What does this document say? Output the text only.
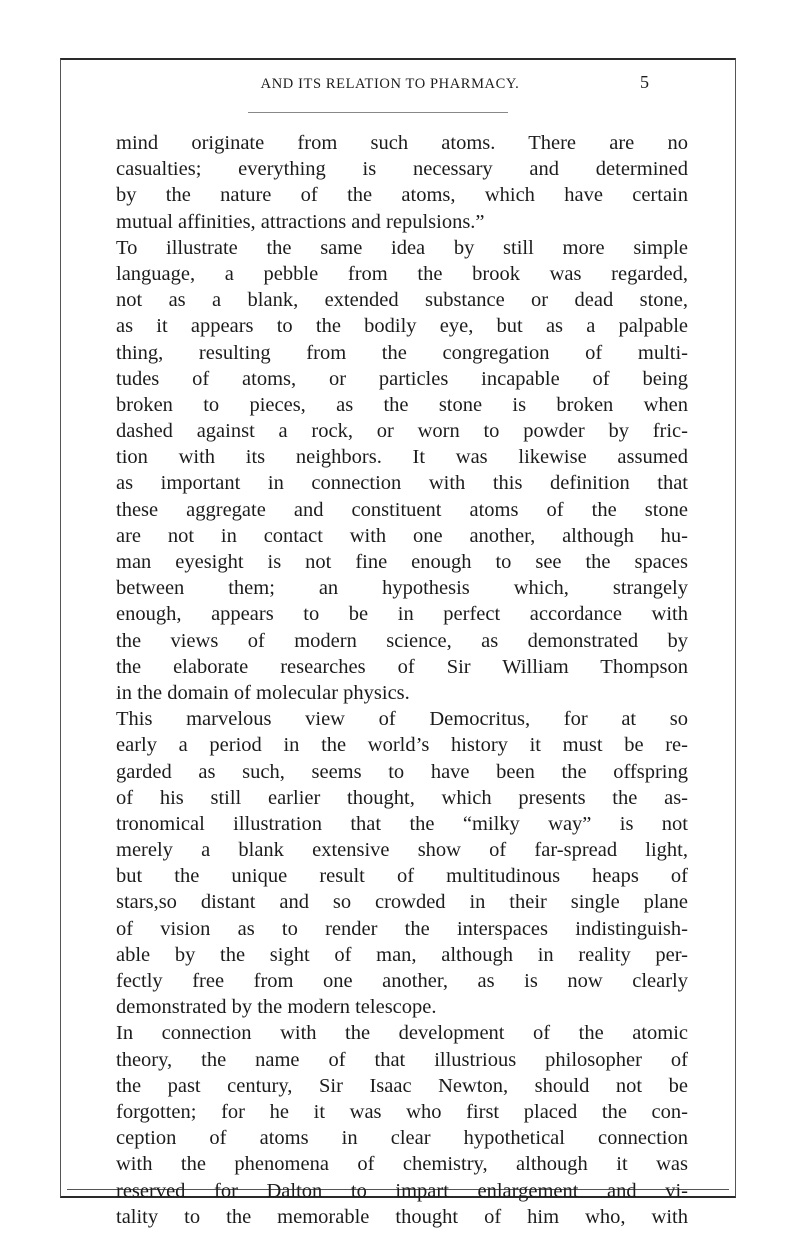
AND ITS RELATION TO PHARMACY.	5
mind originate from such atoms. There are no
casualties; everything is necessary and determined
by the nature of the atoms, which have certain
mutual affinities, attractions and repulsions.”
To illustrate the same idea by still more simple
language, a pebble from the brook was regarded,
not as a blank, extended substance or dead stone,
as it appears to the bodily eye, but as a palpable
thing, resulting from the congregation of multi-
tudes of atoms, or particles incapable of being
broken to pieces, as the stone is broken when
dashed against a rock, or worn to powder by fric-
tion with its neighbors. It was likewise assumed
as important in connection with this definition that
these aggregate and constituent atoms of the stone
are not in contact with one another, although hu-
man eyesight is not fine enough to see the spaces
between them; an hypothesis which, strangely
enough, appears to be in perfect accordance with
the views of modern science, as demonstrated by
the elaborate researches of Sir William Thompson
in the domain of molecular physics.
This marvelous view of Democritus, for at so
early a period in the world’s history it must be re-
garded as such, seems to have been the offspring
of his still earlier thought, which presents the as-
tronomical illustration that the “milky way” is not
merely a blank extensive show of far-spread light,
but the unique result of multitudinous heaps of
stars,so distant and so crowded in their single plane
of vision as to render the interspaces indistinguish-
able by the sight of man, although in reality per-
fectly free from one another, as is now clearly
demonstrated by the modern telescope.
In connection with the development of the atomic
theory, the name of that illustrious philosopher of
the past century, Sir Isaac Newton, should not be
forgotten; for he it was who first placed the con-
ception of atoms in clear hypothetical connection
with the phenomena of chemistry, although it was
reserved for Dalton to impart enlargement and vi-
tality to the memorable thought of him who, with
